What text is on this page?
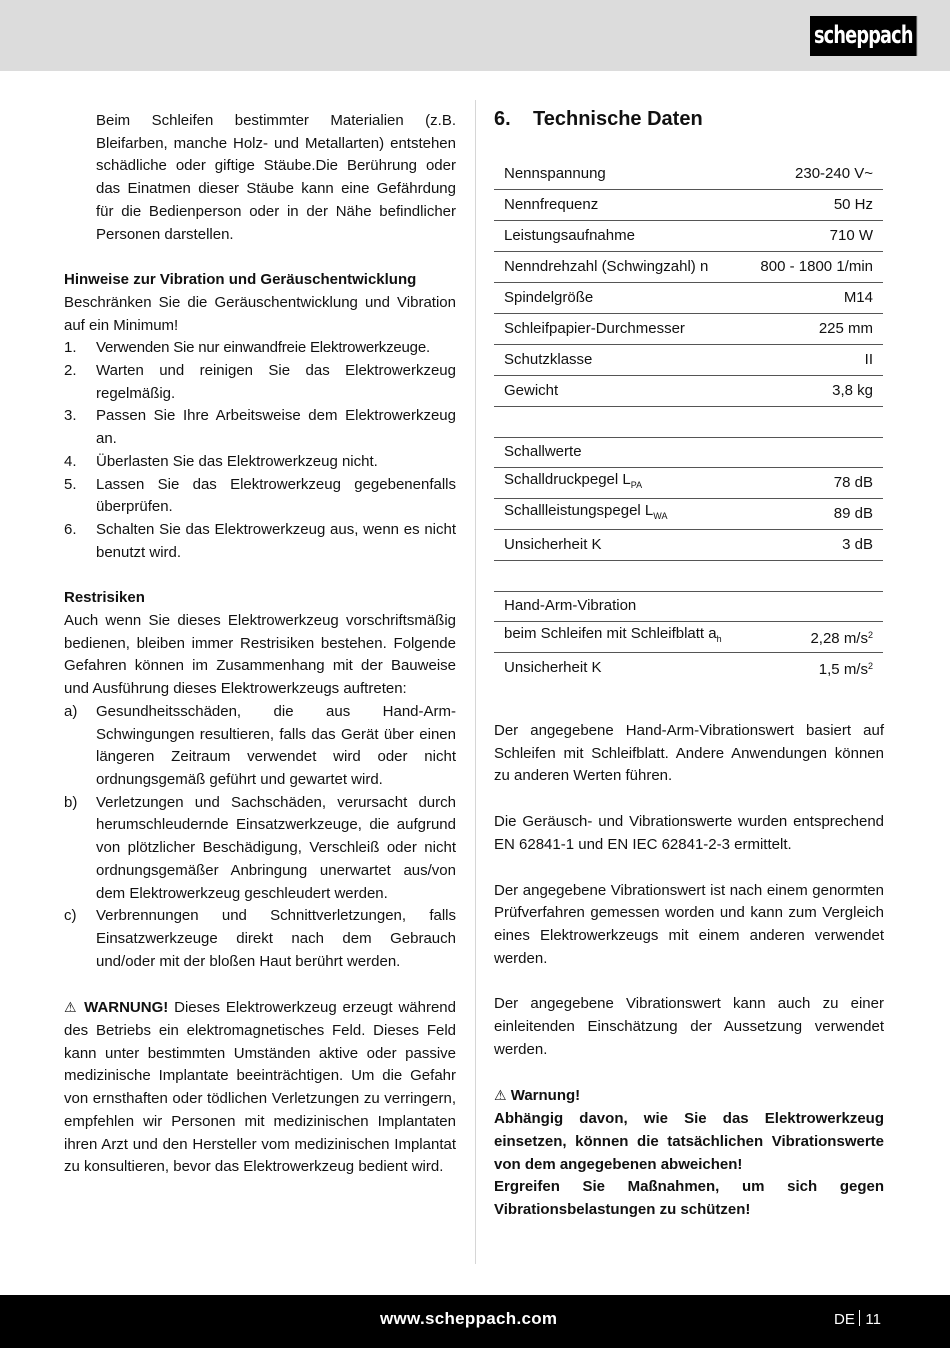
scheppach

Beim Schleifen bestimmter Materialien (z.B. Bleifarben, manche Holz- und Metallarten) entstehen schädliche oder giftige Stäube.Die Berührung oder das Einatmen dieser Stäube kann eine Gefährdung für die Bedienperson oder in der Nähe befindlicher Personen darstellen.

Hinweise zur Vibration und Geräuschentwicklung

Beschränken Sie die Geräuschentwicklung und Vibration auf ein Minimum!

1.	Verwenden Sie nur einwandfreie Elektrowerkzeuge.
2.	Warten und reinigen Sie das Elektrowerkzeug regelmäßig.
3.	Passen Sie Ihre Arbeitsweise dem Elektrowerkzeug an.
4.	Überlasten Sie das Elektrowerkzeug nicht.
5.	Lassen Sie das Elektrowerkzeug gegebenenfalls überprüfen.
6.	Schalten Sie das Elektrowerkzeug aus, wenn es nicht benutzt wird.

Restrisiken

Auch wenn Sie dieses Elektrowerkzeug vorschriftsmäßig bedienen, bleiben immer Restrisiken bestehen. Folgende Gefahren können im Zusammenhang mit der Bauweise und Ausführung dieses Elektrowerkzeugs auftreten:

a)	Gesundheitsschäden, die aus Hand-Arm-Schwingungen resultieren, falls das Gerät über einen längeren Zeitraum verwendet wird oder nicht ordnungsgemäß geführt und gewartet wird.
b)	Verletzungen und Sachschäden, verursacht durch herumschleudernde Einsatzwerkzeuge, die aufgrund von plötzlicher Beschädigung, Verschleiß oder nicht ordnungsgemäßer Anbringung unerwartet aus/von dem Elektrowerkzeug geschleudert werden.
c)	Verbrennungen und Schnittverletzungen, falls Einsatzwerkzeuge direkt nach dem Gebrauch und/oder mit der bloßen Haut berührt werden.

⚠ WARNUNG! Dieses Elektrowerkzeug erzeugt während des Betriebs ein elektromagnetisches Feld. Dieses Feld kann unter bestimmten Umständen aktive oder passive medizinische Implantate beeinträchtigen. Um die Gefahr von ernsthaften oder tödlichen Verletzungen zu verringern, empfehlen wir Personen mit medizinischen Implantaten ihren Arzt und den Hersteller vom medizinischen Implantat zu konsultieren, bevor das Elektrowerkzeug bedient wird.

6.	Technische Daten
Nennspannung	230-240 V~
Nennfrequenz	50 Hz
Leistungsaufnahme	710 W
Nenndrehzahl (Schwingzahl) n	800 - 1800 1/min
Spindelgröße	M14
Schleifpapier-Durchmesser	225 mm
Schutzklasse	II
Gewicht	3,8 kg
Schallwerte
Schalldruckpegel $L_{PA}$	78 dB
Schallleistungspegel $L_{WA}$	89 dB
Unsicherheit K	3 dB
Hand-Arm-Vibration
beim Schleifen mit Schleifblatt $a_h$	2,28 $m/s^2$
Unsicherheit K	1,5 $m/s^2$

Der angegebene Hand-Arm-Vibrationswert basiert auf Schleifen mit Schleifblatt. Andere Anwendungen können zu anderen Werten führen.

Die Geräusch- und Vibrationswerte wurden entsprechend EN 62841-1 und EN IEC 62841-2-3 ermittelt.

Der angegebene Vibrationswert ist nach einem genormten Prüfverfahren gemessen worden und kann zum Vergleich eines Elektrowerkzeugs mit einem anderen verwendet werden.

Der angegebene Vibrationswert kann auch zu einer einleitenden Einschätzung der Aussetzung verwendet werden.

⚠ Warnung!

Abhängig davon, wie Sie das Elektrowerkzeug einsetzen, können die tatsächlichen Vibrationswerte von dem angegebenen abweichen!

Ergreifen Sie Maßnahmen, um sich gegen Vibrationsbelastungen zu schützen!

www.scheppach.com	DE 11
